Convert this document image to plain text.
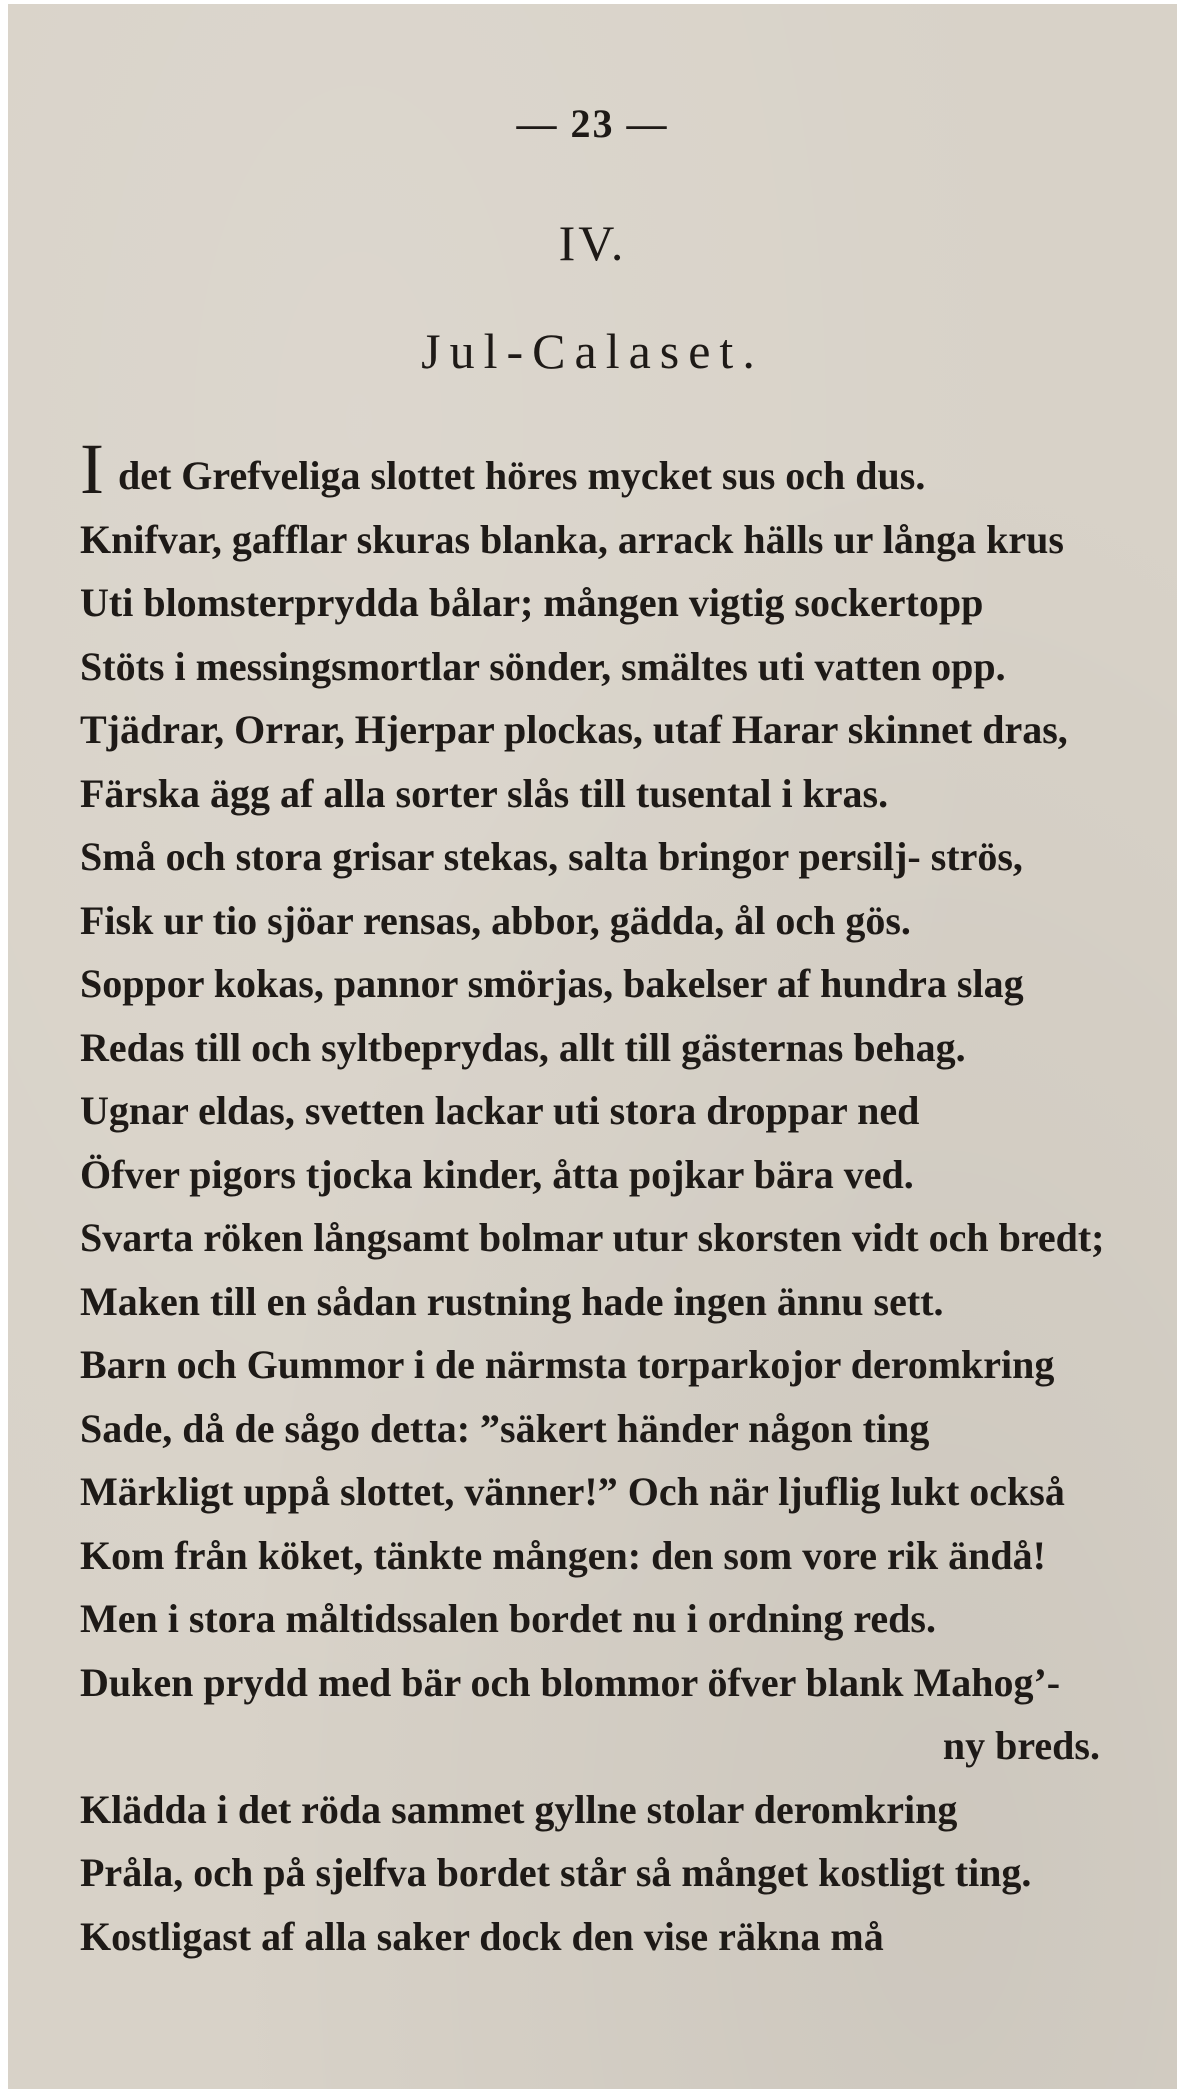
— 23 —
IV.
Jul-Calaset.
Idet Grefveliga slottet höres mycket sus och dus.
Knifvar, gafflar skuras blanka, arrack hälls ur långa krus
Uti blomsterprydda bålar; mången vigtig sockertopp
Stöts i messingsmortlar sönder, smältes uti vatten opp.
Tjädrar, Orrar, Hjerpar plockas, utaf Harar skinnet dras,
Färska ägg af alla sorter slås till tusental i kras.
Små och stora grisar stekas, salta bringor persilj- strös,
Fisk ur tio sjöar rensas, abbor, gädda, ål och gös.
Soppor kokas, pannor smörjas, bakelser af hundra slag
Redas till och syltbeprydas, allt till gästernas behag.
Ugnar eldas, svetten lackar uti stora droppar ned
Öfver pigors tjocka kinder, åtta pojkar bära ved.
Svarta röken långsamt bolmar utur skorsten vidt och bredt;
Maken till en sådan rustning hade ingen ännu sett.
Barn och Gummor i de närmsta torparkojor deromkring
Sade, då de sågo detta: ”säkert händer någon ting
Märkligt uppå slottet, vänner!” Och när ljuflig lukt också
Kom från köket, tänkte mången: den som vore rik ändå!
Men i stora måltidssalen bordet nu i ordning reds.
Duken prydd med bär och blommor öfver blank Mahog’-
ny breds.
Klädda i det röda sammet gyllne stolar deromkring
Pråla, och på sjelfva bordet står så månget kostligt ting.
Kostligast af alla saker dock den vise räkna må
